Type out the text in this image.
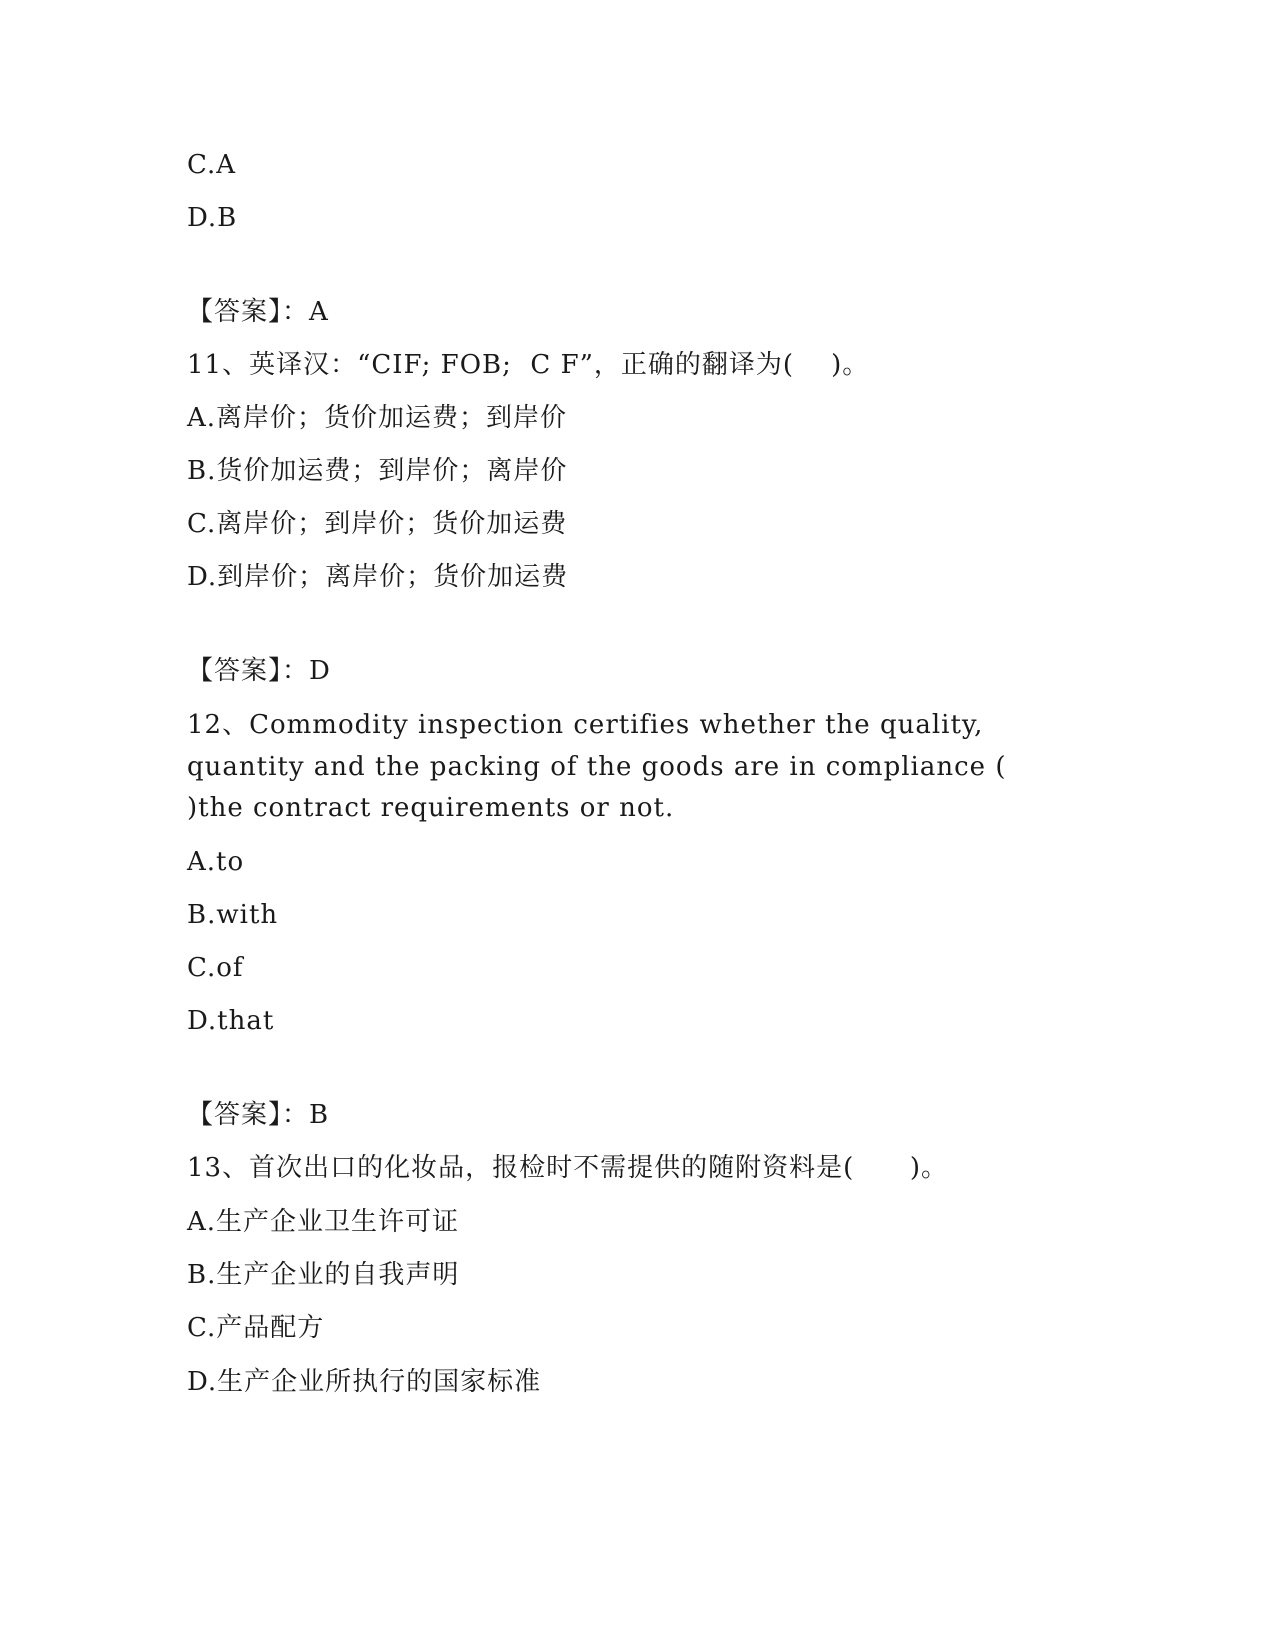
C.A
D.B
【答案】：A
11、英译汉：“CIF; FOB;  C F”，正确的翻译为(    )。
A.离岸价；货价加运费；到岸价
B.货价加运费；到岸价；离岸价
C.离岸价；到岸价；货价加运费
D.到岸价；离岸价；货价加运费
【答案】：D
12、Commodity inspection certifies whether the quality,
quantity and the packing of the goods are in compliance (
)the contract requirements or not.
A.to
B.with
C.of
D.that
【答案】：B
13、首次出口的化妆品，报检时不需提供的随附资料是(      )。
A.生产企业卫生许可证
B.生产企业的自我声明
C.产品配方
D.生产企业所执行的国家标准
